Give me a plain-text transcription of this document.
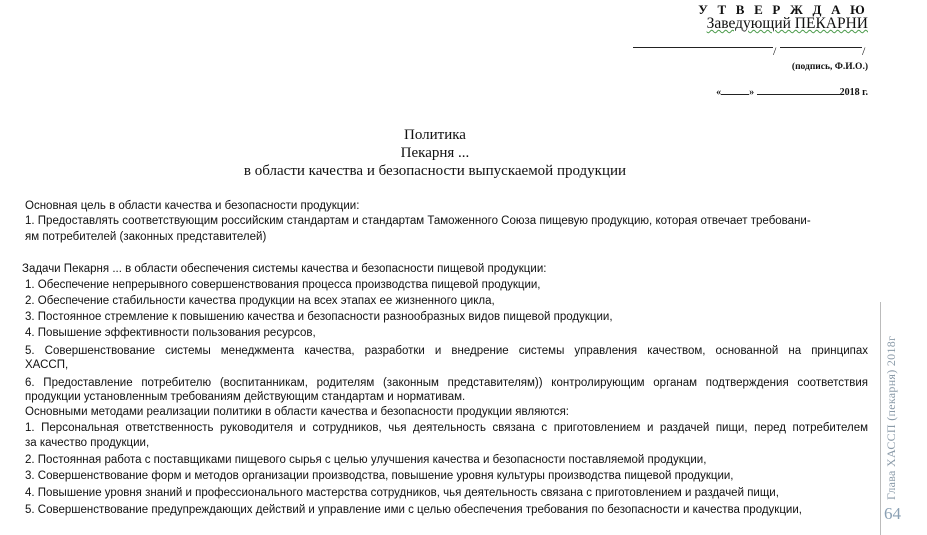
У Т В Е Р Ж Д А Ю
Заведующий ПЕКАРНИ
/	/
(подпись, Ф.И.О.)
«	»	2018 г.
Политика
Пекарня ...
в области качества и безопасности выпускаемой продукции
Основная цель в области качества и безопасности продукции:
1. Предоставлять соответствующим российским стандартам и стандартам Таможенного Союза пищевую продукцию, которая отвечает требовани-
ям потребителей (законных представителей)
Задачи Пекарня ... в области обеспечения системы качества и безопасности пищевой продукции:
1. Обеспечение непрерывного совершенствования процесса производства пищевой продукции,
2. Обеспечение стабильности качества продукции на всех этапах ее жизненного цикла,
3. Постоянное стремление к повышению качества и безопасности разнообразных видов пищевой продукции,
4. Повышение эффективности пользования ресурсов,
5. Совершенствование системы менеджмента качества, разработки и внедрение системы управления качеством, основанной на принципах
ХАССП,
6. Предоставление потребителю (воспитанникам, родителям (законным представителям)) контролирующим органам подтверждения соответствия
продукции установленным требованиям действующим стандартам и нормативам.
Основными методами реализации политики в области качества и безопасности продукции являются:
1. Персональная ответственность руководителя и сотрудников, чья деятельность связана с приготовлением и раздачей пищи, перед потребителем
за качество продукции,
2. Постоянная работа с поставщиками пищевого сырья с целью улучшения качества и безопасности поставляемой продукции,
3. Совершенствование форм и методов организации производства, повышение уровня культуры производства пищевой продукции,
4. Повышение уровня знаний и профессионального мастерства сотрудников, чья деятельность связана с приготовлением и раздачей пищи,
5. Совершенствование предупреждающих действий и управление ими с целью обеспечения требования по безопасности и качества продукции,
Глава ХАССП (пекарня) 2018г
64
